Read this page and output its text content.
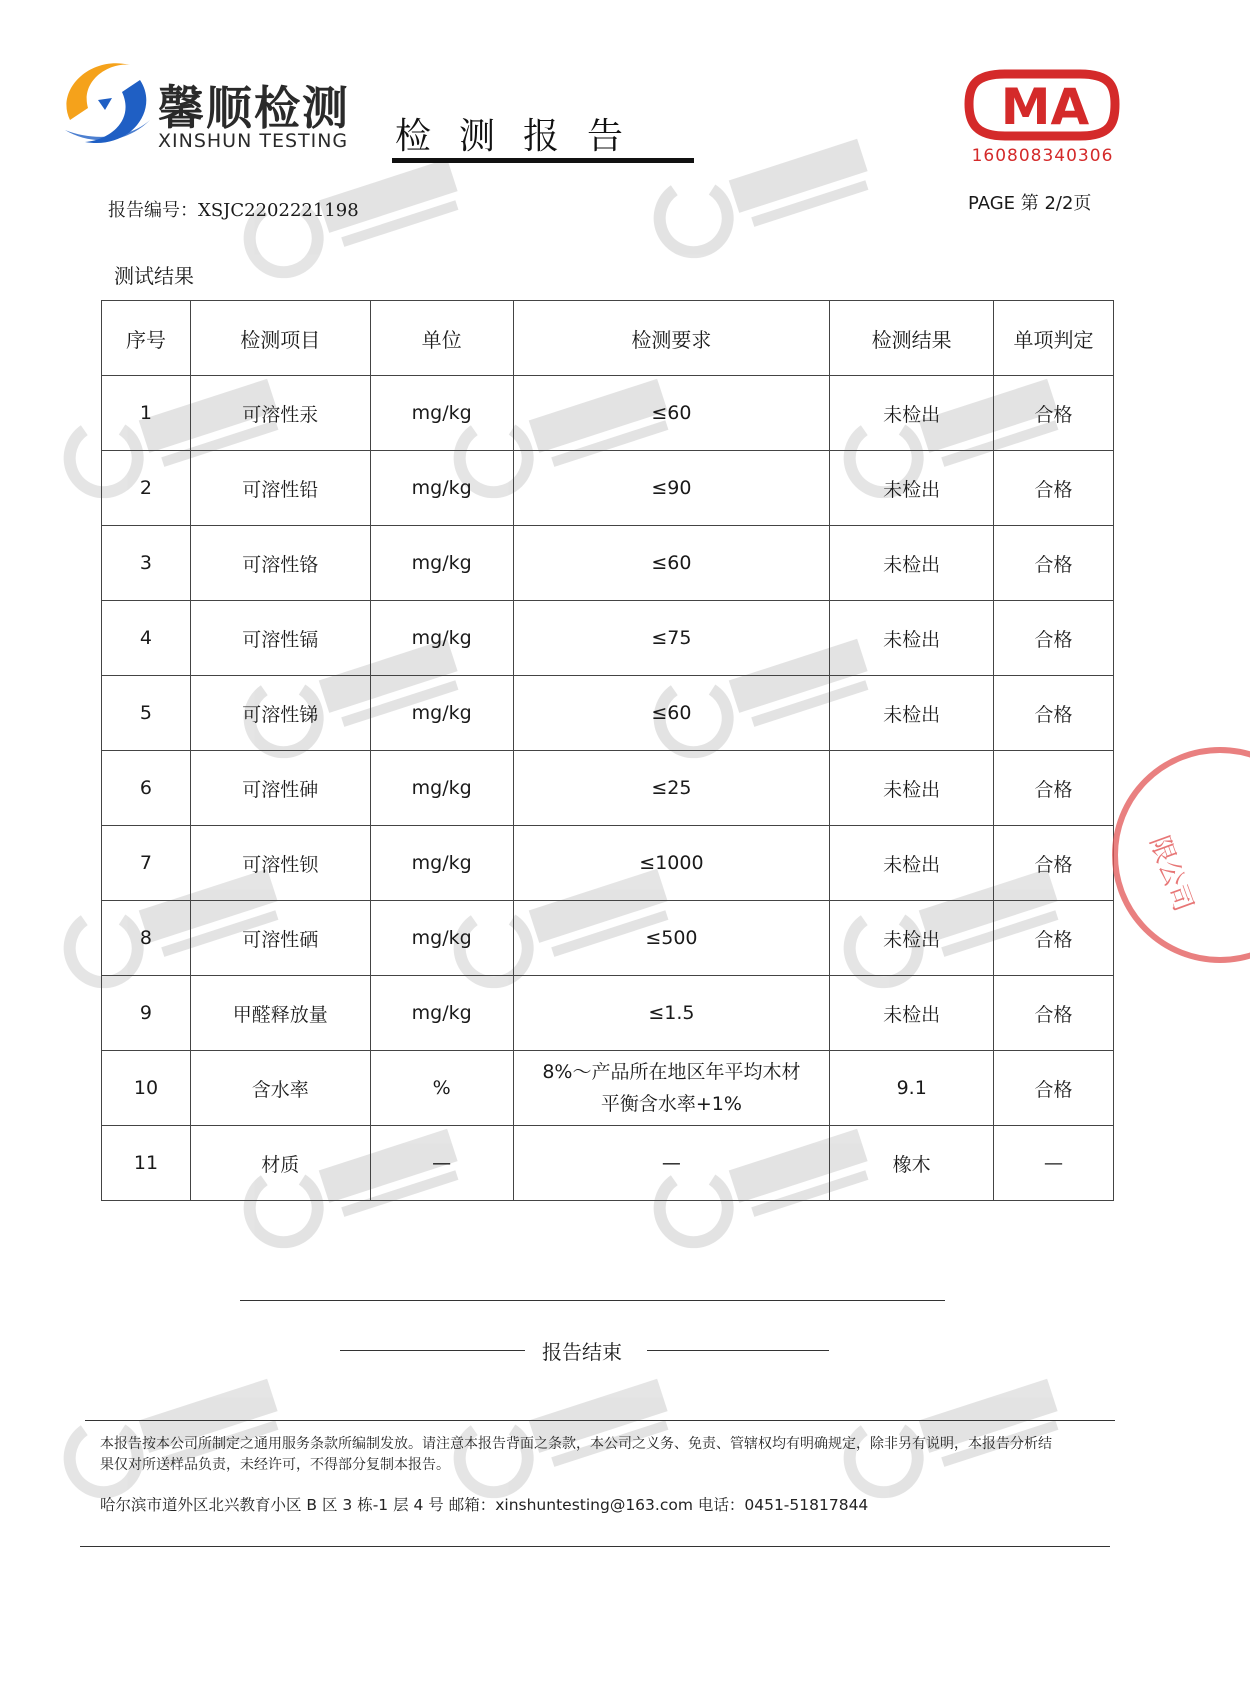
馨顺检测
XINSHUN TESTING 检测报告
MA
160808340306
报告编号：XSJC2202221198	PAGE 第 2/2页
测试结果
序号	检测项目	单位	检测要求	检测结果	单项判定
1	可溶性汞	mg/kg	≤60	未检出	合格
2	可溶性铅	mg/kg	≤90	未检出	合格
3	可溶性铬	mg/kg	≤60	未检出	合格
4	可溶性镉	mg/kg	≤75	未检出	合格
5	可溶性锑	mg/kg	≤60	未检出	合格
6	可溶性砷	mg/kg	≤25	未检出	合格
7	可溶性钡	mg/kg	≤1000	未检出	合格
8	可溶性硒	mg/kg	≤500	未检出	合格
9	甲醛释放量	mg/kg	≤1.5	未检出	合格
10	含水率	%	8%～产品所在地区年平均木材
平衡含水率+1%	9.1	合格
11	材质	—	—	橡木	—
报告结束
本报告按本公司所制定之通用服务条款所编制发放。请注意本报告背面之条款，本公司之义务、免责、管辖权均有明确规定，除非另有说明，本报告分析结果仅对所送样品负责，未经许可，不得部分复制本报告。
哈尔滨市道外区北兴教育小区 B 区 3 栋-1 层 4 号 邮箱：xinshuntesting@163.com 电话：0451-51817844
限公司
